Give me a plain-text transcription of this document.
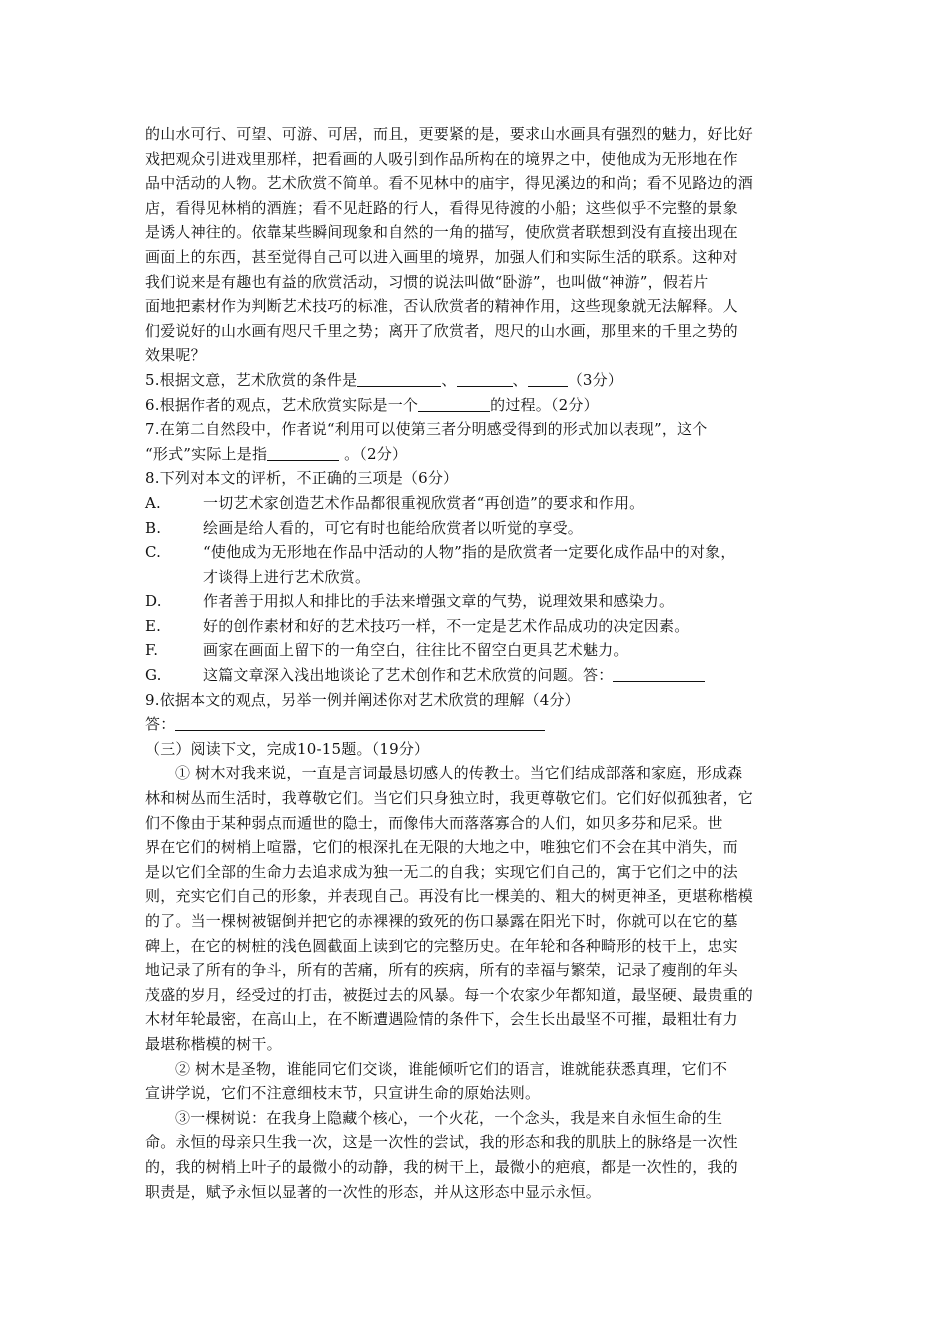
的山水可行、可望、可游、可居，而且，更要紧的是，要求山水画具有强烈的魅力，好比好
戏把观众引进戏里那样，把看画的人吸引到作品所构在的境界之中，使他成为无形地在作
品中活动的人物。艺术欣赏不简单。看不见林中的庙宇，得见溪边的和尚；看不见路边的酒
店，看得见林梢的酒旌；看不见赶路的行人，看得见待渡的小船；这些似乎不完整的景象
是诱人神往的。依靠某些瞬间现象和自然的一角的描写，使欣赏者联想到没有直接出现在
画面上的东西，甚至觉得自己可以进入画里的境界，加强人们和实际生活的联系。这种对
我们说来是有趣也有益的欣赏活动，习惯的说法叫做“卧游”，也叫做“神游”，假若片
面地把素材作为判断艺术技巧的标准，否认欣赏者的精神作用，这些现象就无法解释。人
们爱说好的山水画有咫尺千里之势；离开了欣赏者，咫尺的山水画，那里来的千里之势的
效果呢？

5.根据文意，艺术欣赏的条件是	、	、	（3分）

6.根据作者的观点，艺术欣赏实际是一个	的过程。（2分）

7.在第二自然段中，作者说“利用可以使第三者分明感受得到的形式加以表现”，这个
“形式”实际上是指	。（2分）

8.下列对本文的评析，不正确的三项是（6分）

A.	一切艺术家创造艺术作品都很重视欣赏者“再创造”的要求和作用。
B.	绘画是给人看的，可它有时也能给欣赏者以听觉的享受。
C.	“使他成为无形地在作品中活动的人物”指的是欣赏者一定要化成作品中的对象，
才谈得上进行艺术欣赏。
D.	作者善于用拟人和排比的手法来增强文章的气势，说理效果和感染力。
E.	好的创作素材和好的艺术技巧一样，不一定是艺术作品成功的决定因素。
F.	画家在画面上留下的一角空白，往往比不留空白更具艺术魅力。
G.	这篇文章深入浅出地谈论了艺术创作和艺术欣赏的问题。答：

9.依据本文的观点，另举一例并阐述你对艺术欣赏的理解（4分）

答：

（三）阅读下文，完成10-15题。（19分）

① 树木对我来说，一直是言词最恳切感人的传教士。当它们结成部落和家庭，形成森
林和树丛而生活时，我尊敬它们。当它们只身独立时，我更尊敬它们。它们好似孤独者，它
们不像由于某种弱点而遁世的隐士，而像伟大而落落寡合的人们，如贝多芬和尼采。世
界在它们的树梢上喧嚣，它们的根深扎在无限的大地之中，唯独它们不会在其中消失，而
是以它们全部的生命力去追求成为独一无二的自我；实现它们自己的，寓于它们之中的法
则，充实它们自己的形象，并表现自己。再没有比一棵美的、粗大的树更神圣，更堪称楷模
的了。当一棵树被锯倒并把它的赤裸裸的致死的伤口暴露在阳光下时，你就可以在它的墓
碑上，在它的树桩的浅色圆截面上读到它的完整历史。在年轮和各种畸形的枝干上，忠实
地记录了所有的争斗，所有的苦痛，所有的疾病，所有的幸福与繁荣，记录了瘦削的年头
茂盛的岁月，经受过的打击，被挺过去的风暴。每一个农家少年都知道，最坚硬、最贵重的
木材年轮最密，在高山上，在不断遭遇险情的条件下，会生长出最坚不可摧，最粗壮有力
最堪称楷模的树干。
② 树木是圣物，谁能同它们交谈，谁能倾听它们的语言，谁就能获悉真理，它们不
宣讲学说，它们不注意细枝末节，只宣讲生命的原始法则。
③一棵树说：在我身上隐藏个核心，一个火花，一个念头，我是来自永恒生命的生
命。永恒的母亲只生我一次，这是一次性的尝试，我的形态和我的肌肤上的脉络是一次性
的，我的树梢上叶子的最微小的动静，我的树干上，最微小的疤痕，都是一次性的，我的
职责是，赋予永恒以显著的一次性的形态，并从这形态中显示永恒。
